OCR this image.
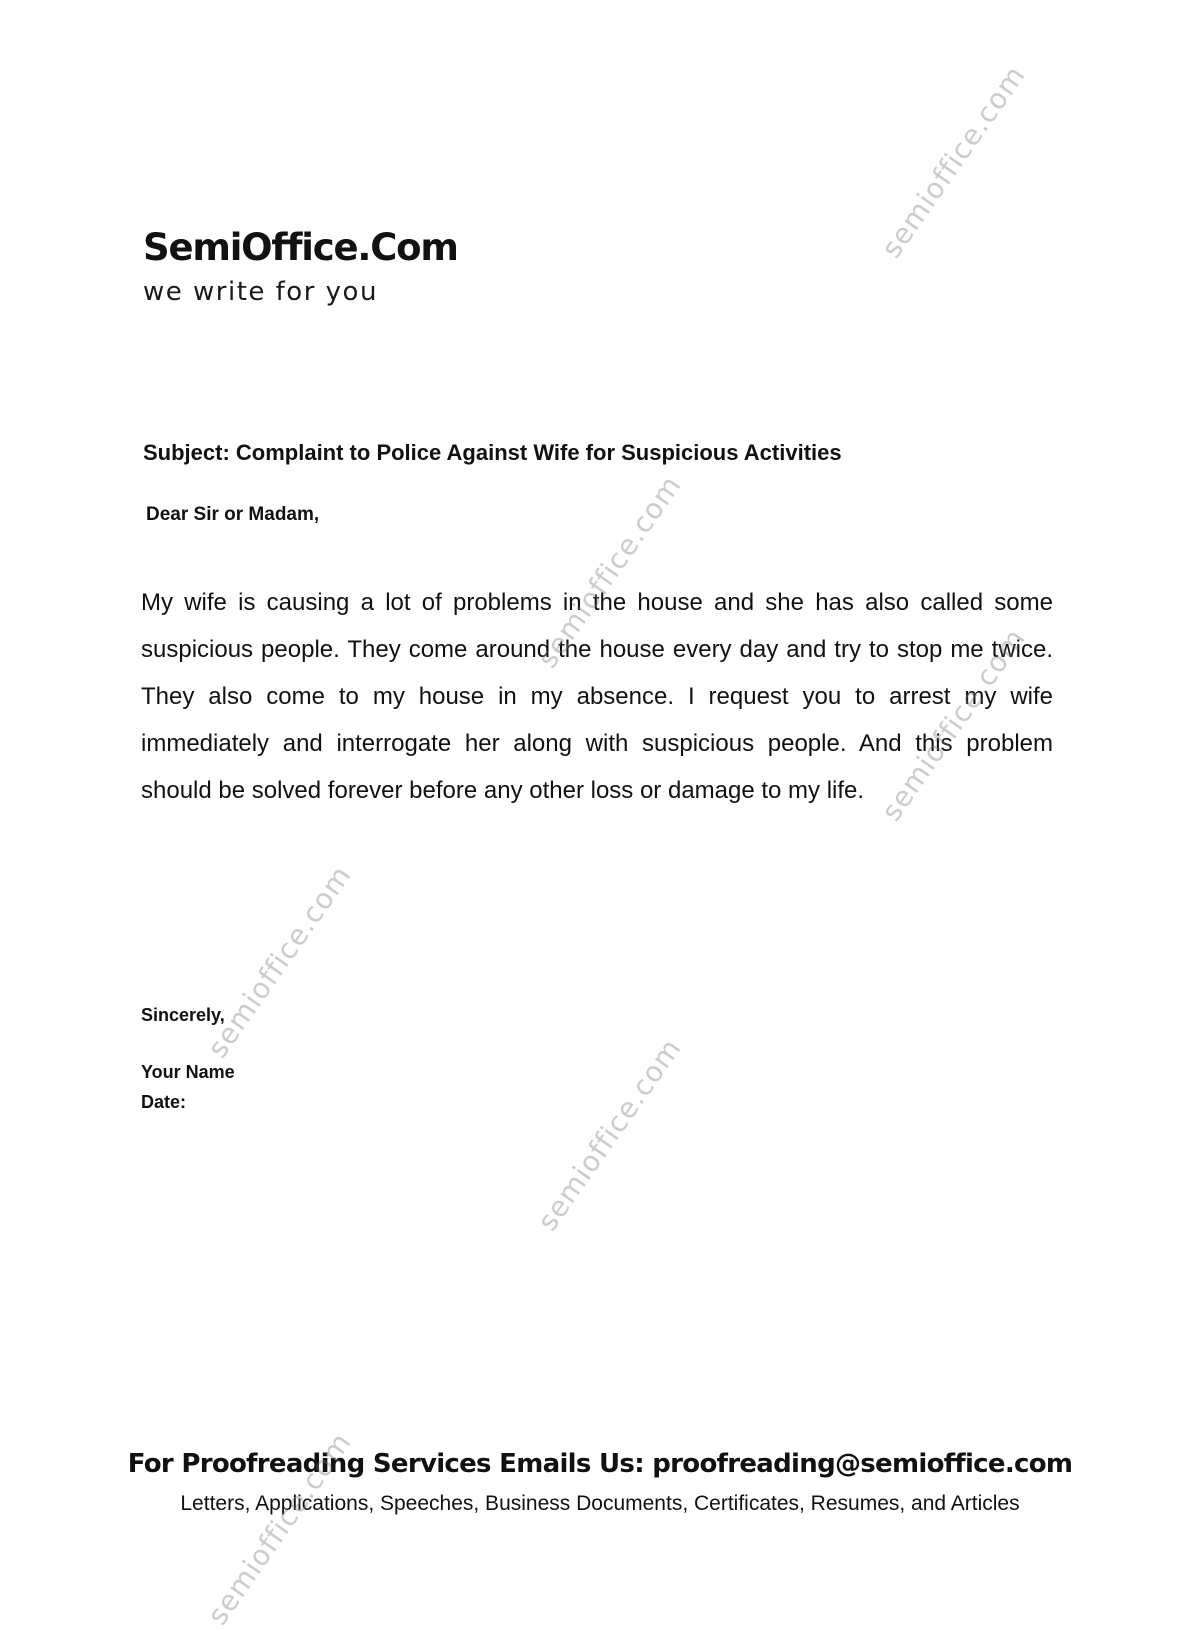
SemiOffice.Com
we write for you
Subject: Complaint to Police Against Wife for Suspicious Activities
Dear Sir or Madam,

My wife is causing a lot of problems in the house and she has also called some suspicious people. They come around the house every day and try to stop me twice. They also come to my house in my absence. I request you to arrest my wife immediately and interrogate her along with suspicious people. And this problem should be solved forever before any other loss or damage to my life.

Sincerely,
Your Name
Date:
For Proofreading Services Emails Us: proofreading@semioffice.com
Letters, Applications, Speeches, Business Documents, Certificates, Resumes, and Articles
semioffice.com
semioffice.com
semioffice.com
semioffice.com
semioffice.com
semioffice.com
